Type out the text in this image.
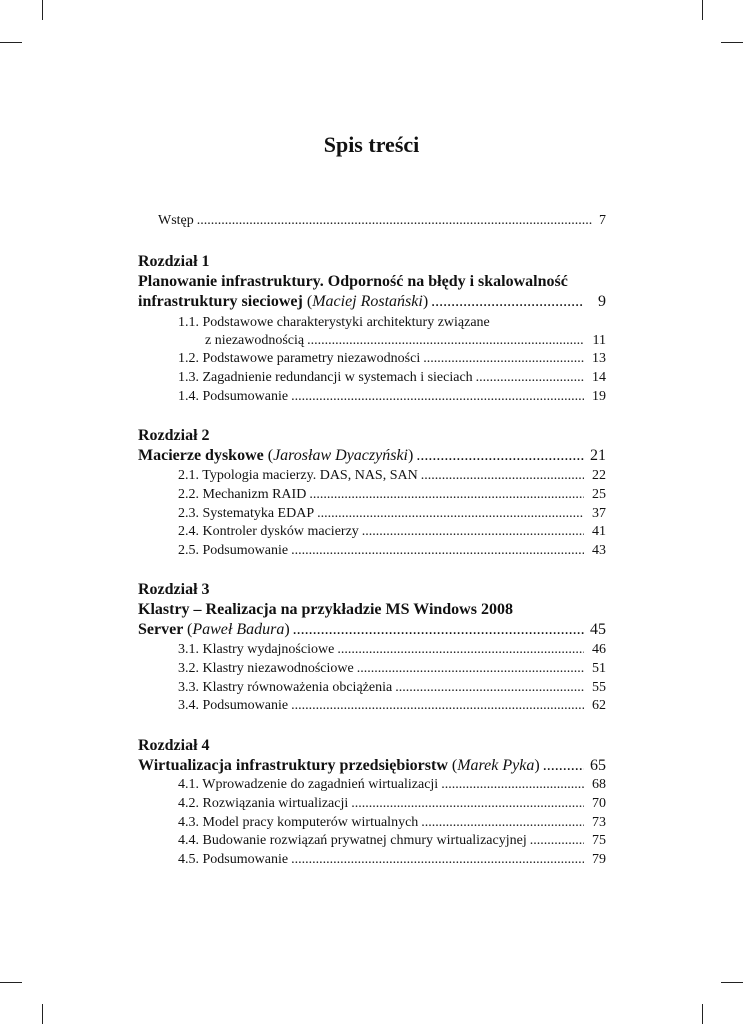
Spis treści
Wstęp .....	7
Rozdział 1
Planowanie infrastruktury. Odporność na błędy i skalowalność
infrastruktury sieciowej (Maciej Rostański) .....	9
1.1. Podstawowe charakterystyki architektury związane
z niezawodnością .....	11
1.2. Podstawowe parametry niezawodności .....	13
1.3. Zagadnienie redundancji w systemach i sieciach .....	14
1.4. Podsumowanie .....	19
Rozdział 2
Macierze dyskowe (Jarosław Dyaczyński) .....	21
2.1. Typologia macierzy. DAS, NAS, SAN .....	22
2.2. Mechanizm RAID .....	25
2.3. Systematyka EDAP .....	37
2.4. Kontroler dysków macierzy .....	41
2.5. Podsumowanie .....	43
Rozdział 3
Klastry – Realizacja na przykładzie MS Windows 2008
Server (Paweł Badura) .....	45
3.1. Klastry wydajnościowe .....	46
3.2. Klastry niezawodnościowe .....	51
3.3. Klastry równoważenia obciążenia .....	55
3.4. Podsumowanie .....	62
Rozdział 4
Wirtualizacja infrastruktury przedsiębiorstw (Marek Pyka) .....	65
4.1. Wprowadzenie do zagadnień wirtualizacji .....	68
4.2. Rozwiązania wirtualizacji .....	70
4.3. Model pracy komputerów wirtualnych .....	73
4.4. Budowanie rozwiązań prywatnej chmury wirtualizacyjnej .....	75
4.5. Podsumowanie .....	79
